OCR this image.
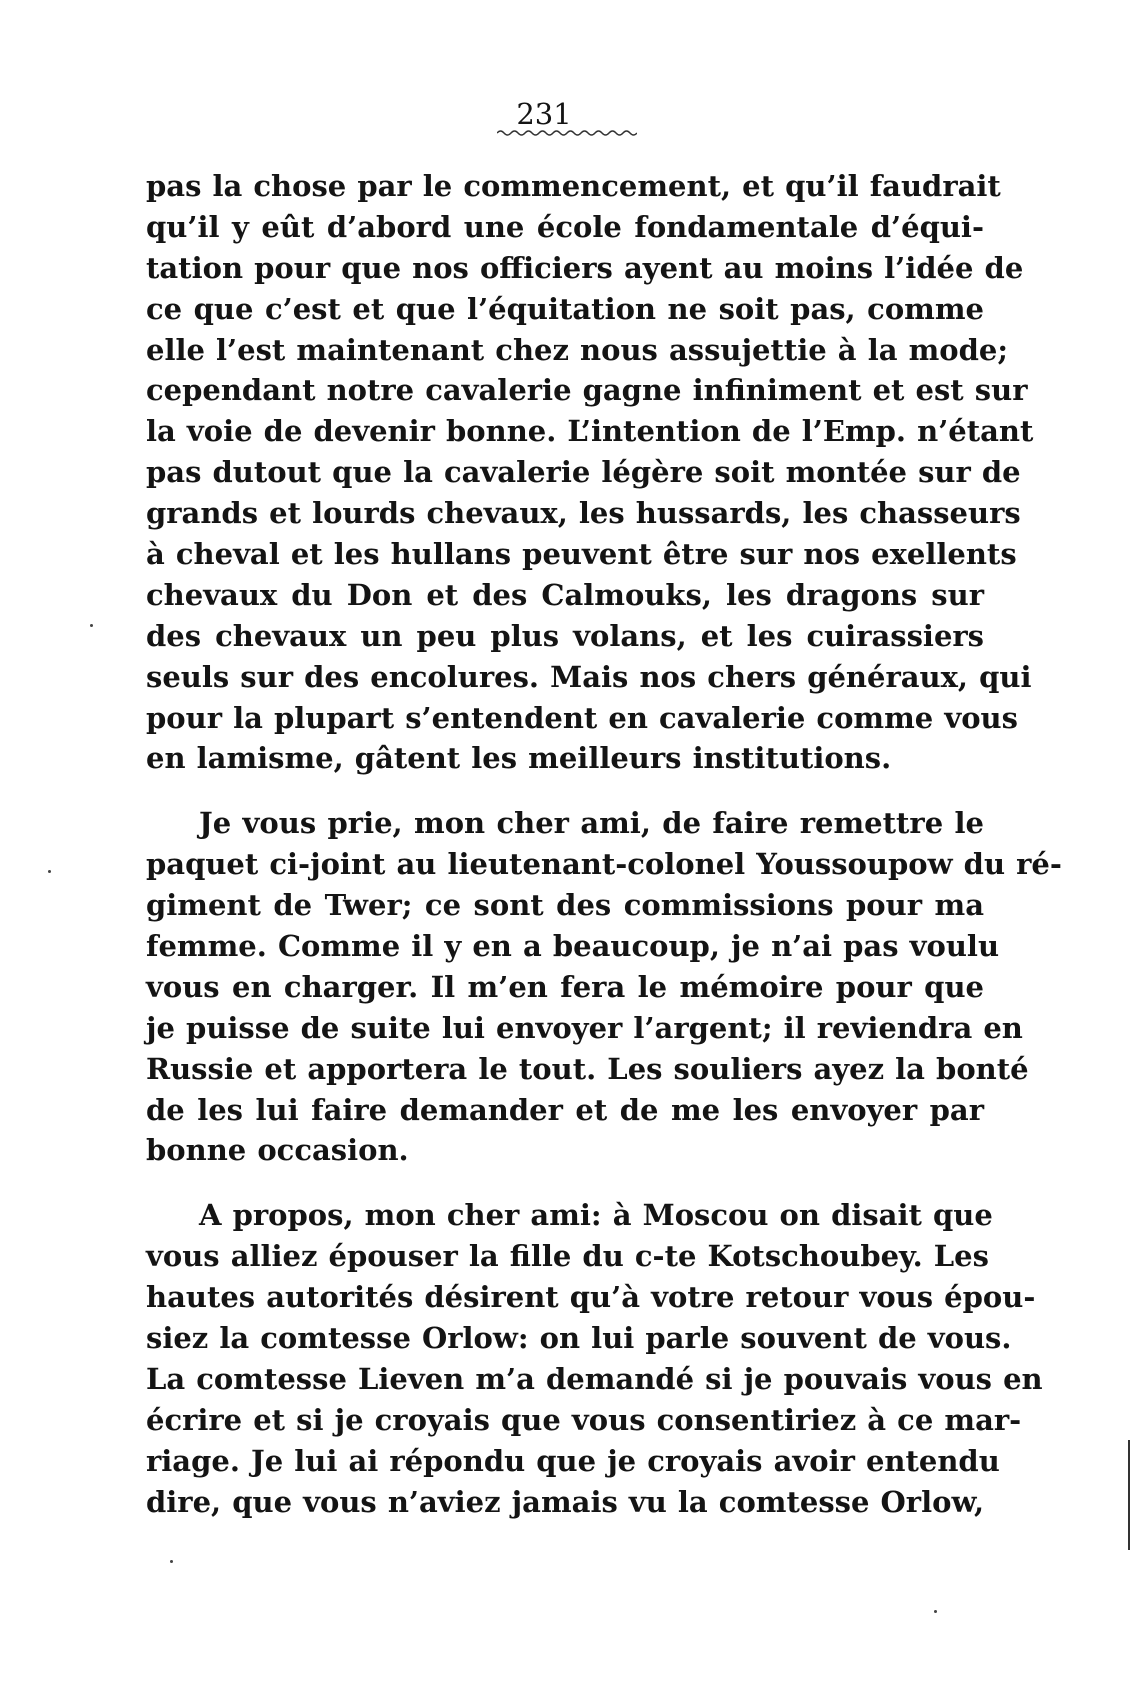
231
pas la chose par le commencement, et qu’il faudrait
qu’il y eût d’abord une école fondamentale d’équi-
tation pour que nos officiers ayent au moins l’idée de
ce que c’est et que l’équitation ne soit pas, comme
elle l’est maintenant chez nous assujettie à la mode;
cependant notre cavalerie gagne infiniment et est sur
la voie de devenir bonne. L’intention de l’Emp. n’étant
pas dutout que la cavalerie légère soit montée sur de
grands et lourds chevaux, les hussards, les chasseurs
à cheval et les hullans peuvent être sur nos exellents
chevaux du Don et des Calmouks, les dragons sur
des chevaux un peu plus volans, et les cuirassiers
seuls sur des encolures. Mais nos chers généraux, qui
pour la plupart s’entendent en cavalerie comme vous
en lamisme, gâtent les meilleurs institutions.
Je vous prie, mon cher ami, de faire remettre le
paquet ci-joint au lieutenant-colonel Youssoupow du ré-
giment de Twer; ce sont des commissions pour ma
femme. Comme il y en a beaucoup, je n’ai pas voulu
vous en charger. Il m’en fera le mémoire pour que
je puisse de suite lui envoyer l’argent; il reviendra en
Russie et apportera le tout. Les souliers ayez la bonté
de les lui faire demander et de me les envoyer par
bonne occasion.
A propos, mon cher ami: à Moscou on disait que
vous alliez épouser la fille du c-te Kotschoubey. Les
hautes autorités désirent qu’à votre retour vous épou-
siez la comtesse Orlow: on lui parle souvent de vous.
La comtesse Lieven m’a demandé si je pouvais vous en
écrire et si je croyais que vous consentiriez à ce mar-
riage. Je lui ai répondu que je croyais avoir entendu
dire, que vous n’aviez jamais vu la comtesse Orlow,
